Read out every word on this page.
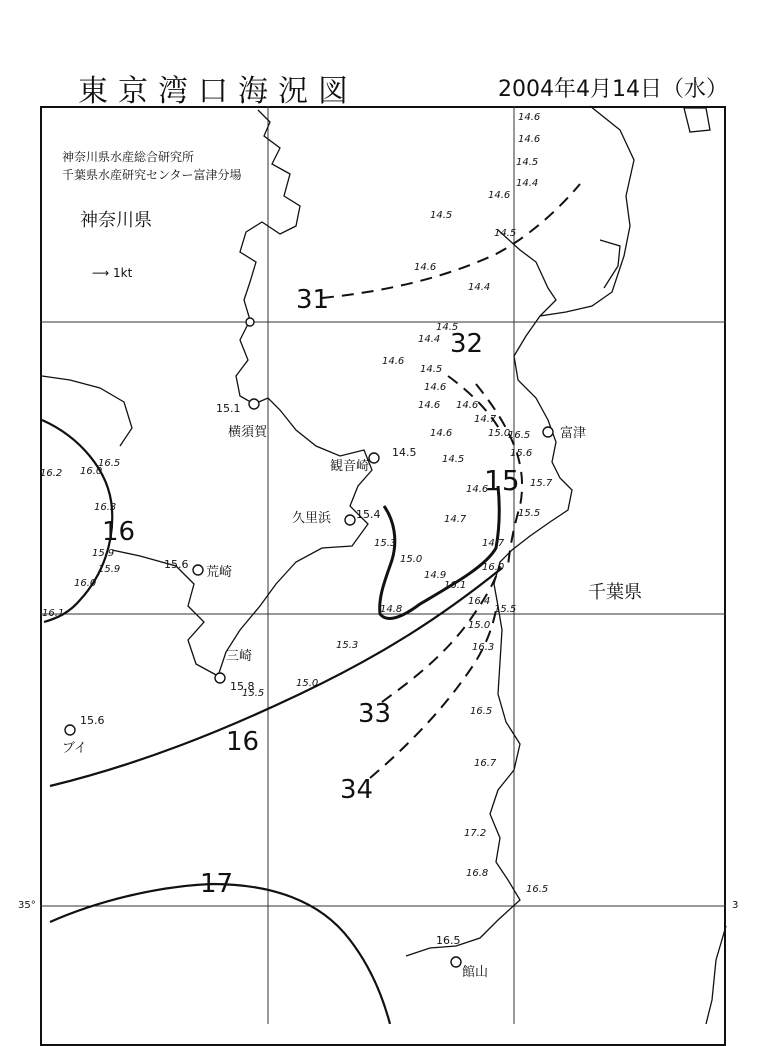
東京湾口海況図	2004年4月14日（水）
神奈川県水産総合研究所
千葉県水産研究センター富津分場
神奈川県
千葉県
⟶ 1kt
35°	3
31
32
33
34
15
16
16
17
横須賀
観音崎
久里浜
荒崎
三崎
ブイ
富津
館山
15.1
14.5
15.4
15.6
15.8
15.6
16.5
14.6
14.6
14.5
14.4
14.6
14.5
14.5
14.6
14.4
14.5
14.4
14.6
14.5
14.6
14.6 14.6
14.6
14.7
15.0
16.5
14.5
15.6
14.6
15.7
15.5
14.7
14.7
16.0
14.9
16.1
14.8
16.4
15.5
15.0
16.3
15.3
15.0
15.3
15.0
15.5
16.5
16.7
17.2
16.8
16.5
16.2 16.0
16.5
16.3
15.9
16.0
15.9
16.1
